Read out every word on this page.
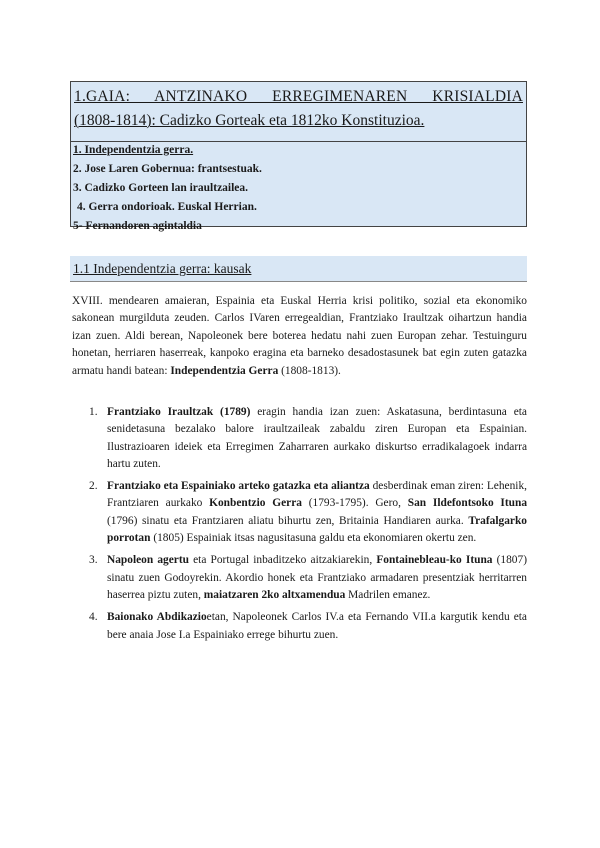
1.GAIA: ANTZINAKO ERREGIMENAREN KRISIALDIA
(1808-1814): Cadizko Gorteak eta 1812ko Konstituzioa.
1. Independentzia gerra.
2. Jose Laren Gobernua: frantsestuak.
3. Cadizko Gorteen lan iraultzailea.
4. Gerra ondorioak. Euskal Herrian.
5- Fernandoren agintaldia
1.1 Independentzia gerra: kausak

XVIII. mendearen amaieran, Espainia eta Euskal Herria krisi politiko, sozial eta ekonomiko sakonean murgilduta zeuden. Carlos IVaren erregealdian, Frantziako Iraultzak oihartzun handia izan zuen. Aldi berean, Napoleonek bere boterea hedatu nahi zuen Europan zehar. Testuinguru honetan, herriaren haserreak, kanpoko eragina eta barneko desadostasunek bat egin zuten gatazka armatu handi batean: Independentzia Gerra (1808-1813).

1. Frantziako Iraultzak (1789) eragin handia izan zuen: Askatasuna, berdintasuna eta senidetasuna bezalako balore iraultzaileak zabaldu ziren Europan eta Espainian. Ilustrazioaren ideiek eta Erregimen Zaharraren aurkako diskurtso erradikalagoek indarra hartu zuten.
2. Frantziako eta Espainiako arteko gatazka eta aliantza desberdinak eman ziren: Lehenik, Frantziaren aurkako Konbentzio Gerra (1793-1795). Gero, San Ildefontsoko Ituna (1796) sinatu eta Frantziaren aliatu bihurtu zen, Britainia Handiaren aurka. Trafalgarko porrotan (1805) Espainiak itsas nagusitasuna galdu eta ekonomiaren okertu zen.
3. Napoleon agertu eta Portugal inbaditzeko aitzakiarekin, Fontainebleau-ko Ituna (1807) sinatu zuen Godoyrekin. Akordio honek eta Frantziako armadaren presentziak herritarren haserrea piztu zuten, maiatzaren 2ko altxamendua Madrilen emanez.
4. Baionako Abdikazioetan, Napoleonek Carlos IV.a eta Fernando VII.a kargutik kendu eta bere anaia Jose I.a Espainiako errege bihurtu zuen.
